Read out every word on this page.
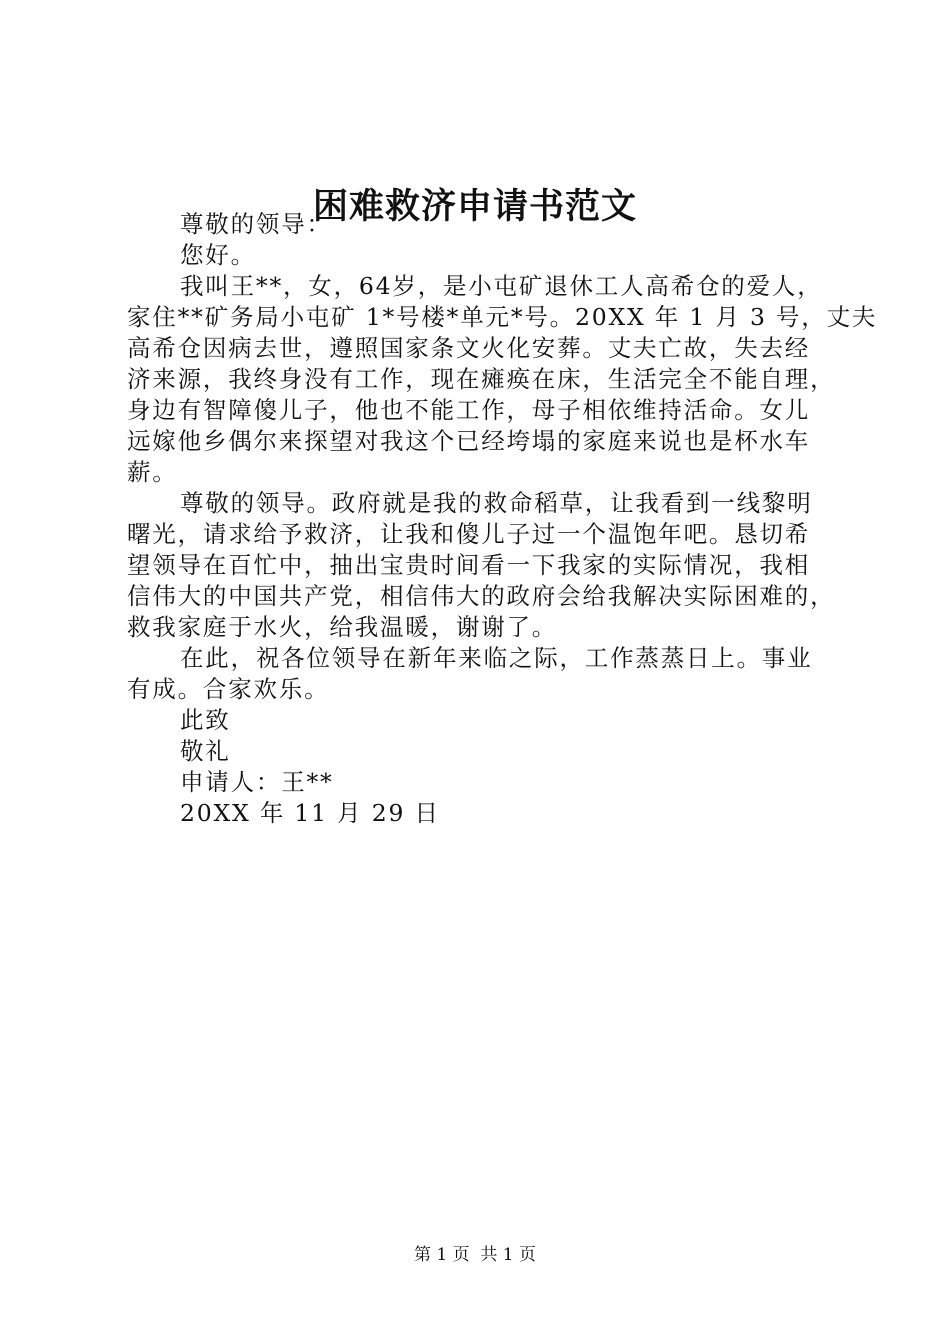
困难救济申请书范文
尊敬的领导：
您好。
我叫王**，女，64岁，是小屯矿退休工人高希仓的爱人，
家住**矿务局小屯矿 1*号楼*单元*号。20XX 年 1 月 3 号，丈夫
高希仓因病去世，遵照国家条文火化安葬。丈夫亡故，失去经
济来源，我终身没有工作，现在瘫痪在床，生活完全不能自理，
身边有智障傻儿子，他也不能工作，母子相依维持活命。女儿
远嫁他乡偶尔来探望对我这个已经垮塌的家庭来说也是杯水车
薪。
尊敬的领导。政府就是我的救命稻草，让我看到一线黎明
曙光，请求给予救济，让我和傻儿子过一个温饱年吧。恳切希
望领导在百忙中，抽出宝贵时间看一下我家的实际情况，我相
信伟大的中国共产党，相信伟大的政府会给我解决实际困难的，
救我家庭于水火，给我温暖，谢谢了。
在此，祝各位领导在新年来临之际，工作蒸蒸日上。事业
有成。合家欢乐。
此致
敬礼
申请人：王**
20XX 年 11 月 29 日
第 1 页  共 1 页
